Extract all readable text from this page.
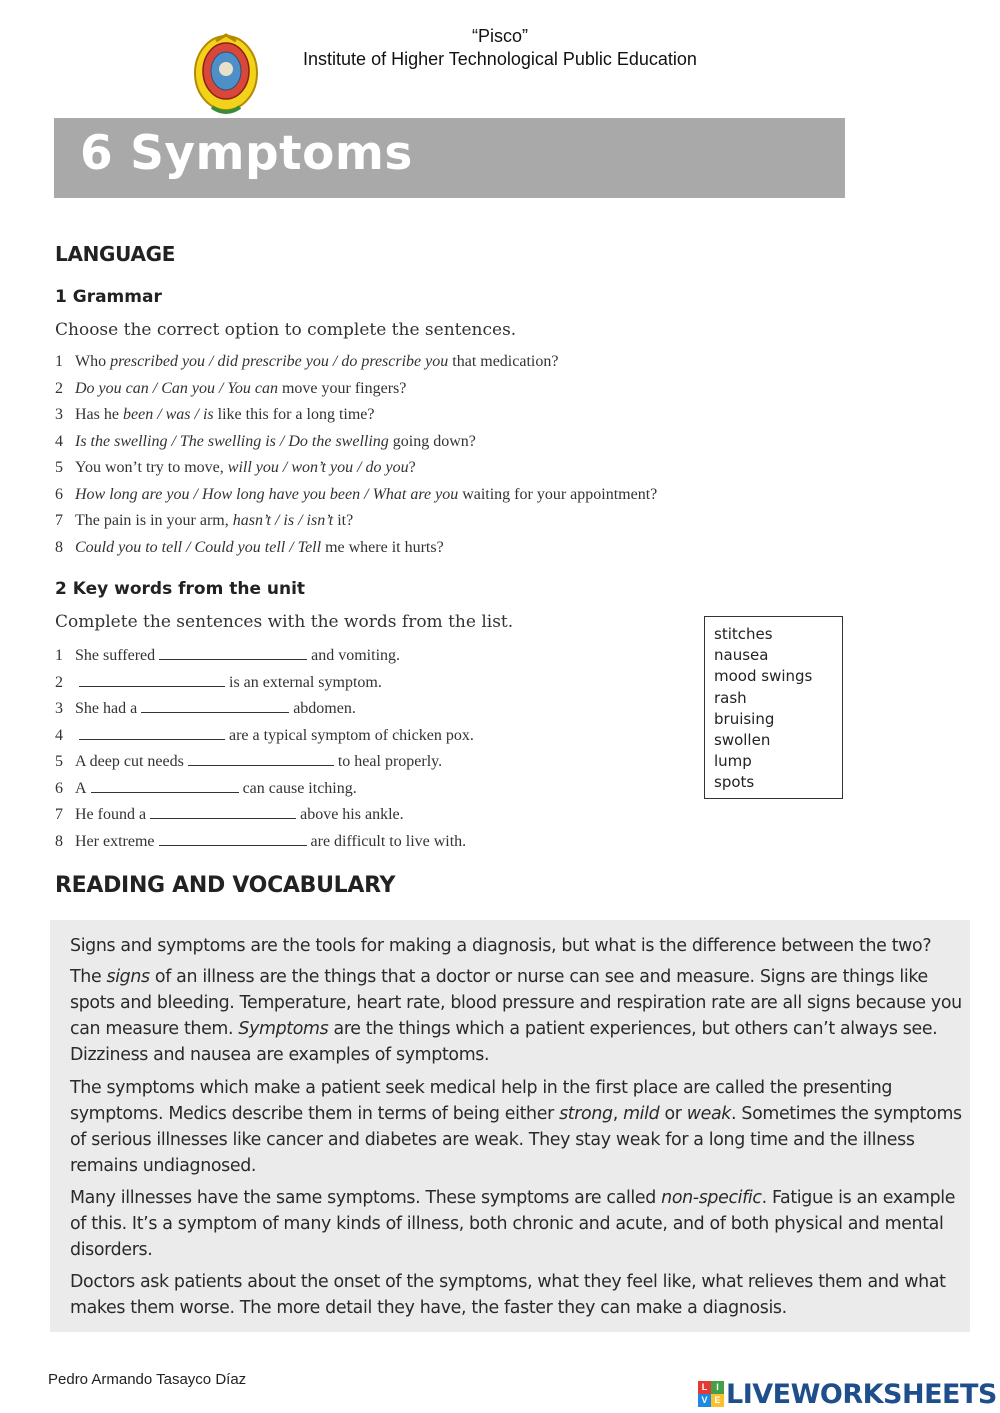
“Pisco”
Institute of Higher Technological Public Education
6 Symptoms
LANGUAGE
1 Grammar
Choose the correct option to complete the sentences.
1 Who prescribed you / did prescribe you / do prescribe you that medication?
2 Do you can / Can you / You can move your fingers?
3 Has he been / was / is like this for a long time?
4 Is the swelling / The swelling is / Do the swelling going down?
5 You won’t try to move, will you / won’t you / do you?
6 How long are you / How long have you been / What are you waiting for your appointment?
7 The pain is in your arm, hasn’t / is / isn’t it?
8 Could you to tell / Could you tell / Tell me where it hurts?
2 Key words from the unit
Complete the sentences with the words from the list.
1 She suffered	and vomiting.
2	is an external symptom.
3 She had a	abdomen.
4	are a typical symptom of chicken pox.
5 A deep cut needs	to heal properly.
6 A	can cause itching.
7 He found a	above his ankle.
8 Her extreme	are difficult to live with.
stitches
nausea
mood swings
rash
bruising
swollen
lump
spots
READING AND VOCABULARY
Signs and symptoms are the tools for making a diagnosis, but what is the difference between the two?
The signs of an illness are the things that a doctor or nurse can see and measure. Signs are things like spots and bleeding. Temperature, heart rate, blood pressure and respiration rate are all signs because you can measure them. Symptoms are the things which a patient experiences, but others can’t always see. Dizziness and nausea are examples of symptoms.
The symptoms which make a patient seek medical help in the first place are called the presenting symptoms. Medics describe them in terms of being either strong, mild or weak. Sometimes the symptoms of serious illnesses like cancer and diabetes are weak. They stay weak for a long time and the illness remains undiagnosed.
Many illnesses have the same symptoms. These symptoms are called non-specific. Fatigue is an example of this. It’s a symptom of many kinds of illness, both chronic and acute, and of both physical and mental disorders.
Doctors ask patients about the onset of the symptoms, what they feel like, what relieves them and what makes them worse. The more detail they have, the faster they can make a diagnosis.
Pedro Armando Tasayco Díaz	L I
V E LIVEWORKSHEETS
